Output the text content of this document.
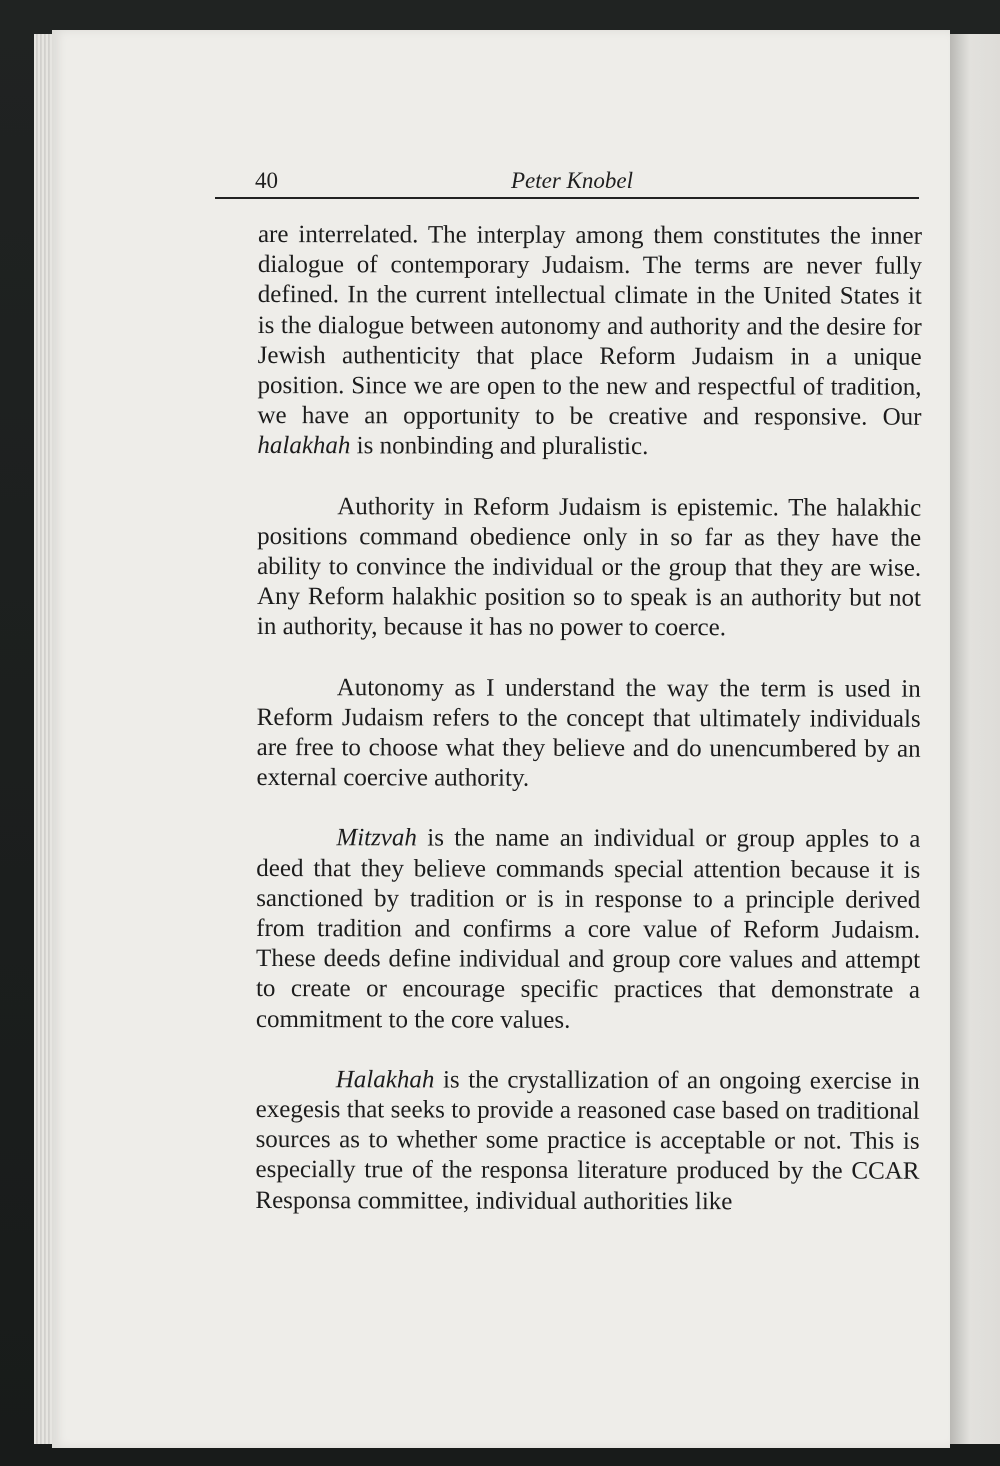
40	Peter Knobel

are interrelated. The interplay among them constitutes the inner dialogue of contemporary Judaism. The terms are never fully defined. In the current intellectual climate in the United States it is the dialogue between autonomy and authority and the desire for Jewish authenticity that place Reform Judaism in a unique position. Since we are open to the new and respectful of tradition, we have an opportunity to be creative and responsive. Our halakhah is nonbinding and pluralistic.

Authority in Reform Judaism is epistemic. The halakhic positions command obedience only in so far as they have the ability to convince the individual or the group that they are wise. Any Reform halakhic position so to speak is an authority but not in authority, because it has no power to coerce.

Autonomy as I understand the way the term is used in Reform Judaism refers to the concept that ultimately individuals are free to choose what they believe and do unencumbered by an external coercive authority.

Mitzvah is the name an individual or group apples to a deed that they believe commands special attention because it is sanctioned by tradition or is in response to a principle derived from tradition and confirms a core value of Reform Judaism. These deeds define individual and group core values and attempt to create or encourage specific practices that demonstrate a commitment to the core values.

Halakhah is the crystallization of an ongoing exercise in exegesis that seeks to provide a reasoned case based on traditional sources as to whether some practice is acceptable or not. This is especially true of the responsa literature produced by the CCAR Responsa committee, individual authorities like
